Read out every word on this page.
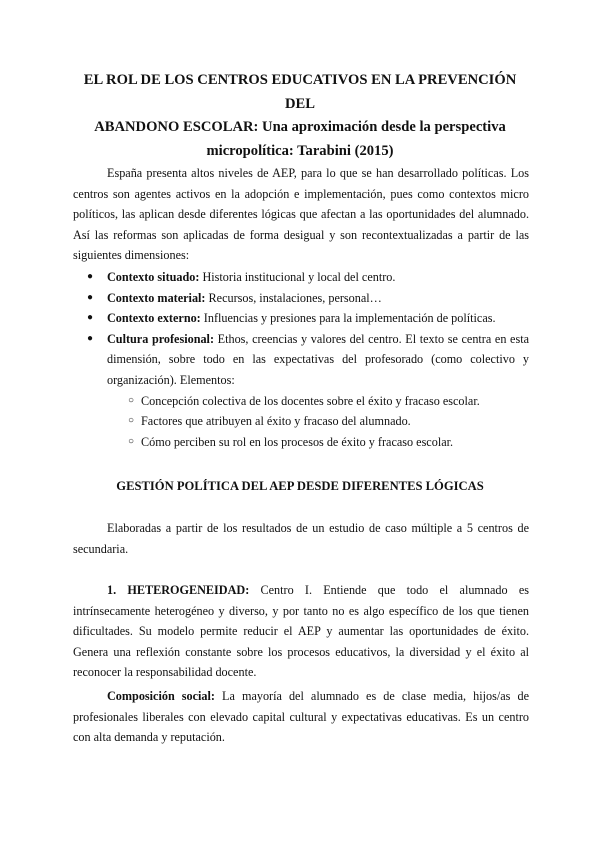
EL ROL DE LOS CENTROS EDUCATIVOS EN LA PREVENCIÓN DEL
ABANDONO ESCOLAR: Una aproximación desde la perspectiva
micropolítica: Tarabini (2015)

España presenta altos niveles de AEP, para lo que se han desarrollado políticas. Los centros son agentes activos en la adopción e implementación, pues como contextos micro políticos, las aplican desde diferentes lógicas que afectan a las oportunidades del alumnado. Así las reformas son aplicadas de forma desigual y son recontextualizadas a partir de las siguientes dimensiones:

● Contexto situado: Historia institucional y local del centro.
● Contexto material: Recursos, instalaciones, personal…
● Contexto externo: Influencias y presiones para la implementación de políticas.
● Cultura profesional: Ethos, creencias y valores del centro. El texto se centra en esta dimensión, sobre todo en las expectativas del profesorado (como colectivo y organización). Elementos:
○ Concepción colectiva de los docentes sobre el éxito y fracaso escolar.
○ Factores que atribuyen al éxito y fracaso del alumnado.
○ Cómo perciben su rol en los procesos de éxito y fracaso escolar.
GESTIÓN POLÍTICA DEL AEP DESDE DIFERENTES LÓGICAS

Elaboradas a partir de los resultados de un estudio de caso múltiple a 5 centros de secundaria.

1. HETEROGENEIDAD: Centro I. Entiende que todo el alumnado es intrínsecamente heterogéneo y diverso, y por tanto no es algo específico de los que tienen dificultades. Su modelo permite reducir el AEP y aumentar las oportunidades de éxito. Genera una reflexión constante sobre los procesos educativos, la diversidad y el éxito al reconocer la responsabilidad docente.

Composición social: La mayoría del alumnado es de clase media, hijos/as de profesionales liberales con elevado capital cultural y expectativas educativas. Es un centro con alta demanda y reputación.
